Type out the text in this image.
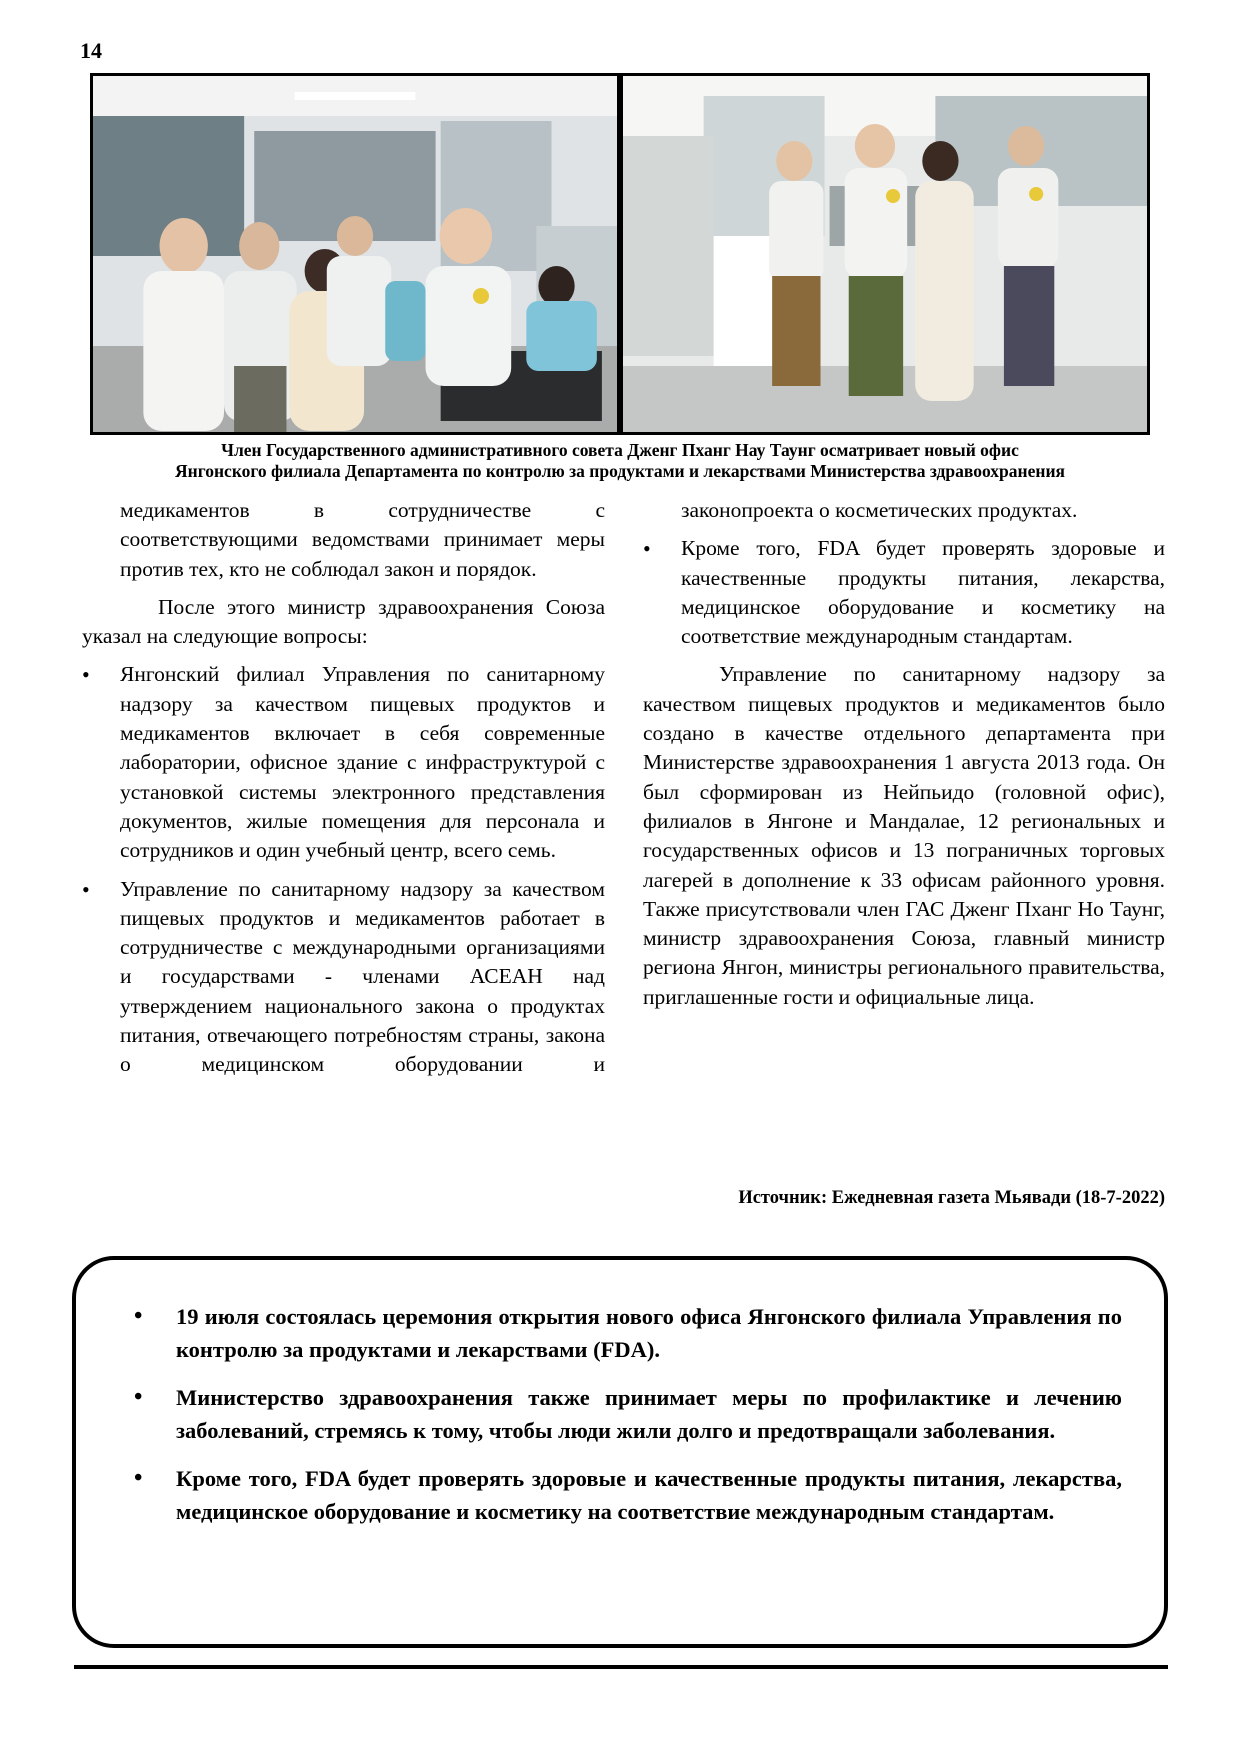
14
Член Государственного административного совета Дженг Пханг Нау Таунг осматривает новый офис
Янгонского филиала Департамента по контролю за продуктами и лекарствами Министерства здравоохранения

медикаментов в сотрудничестве с соответствующими ведомствами принимает меры против тех, кто не соблюдал закон и порядок.

После этого министр здравоохранения Союза указал на следующие вопросы:

• Янгонский филиал Управления по санитарному надзору за качеством пищевых продуктов и медикаментов включает в себя современные лаборатории, офисное здание с инфраструктурой с установкой системы электронного представления документов, жилые помещения для персонала и сотрудников и один учебный центр, всего семь.

• Управление по санитарному надзору за качеством пищевых продуктов и медикаментов работает в сотрудничестве с международными организациями и государствами - членами АСЕАН над утверждением национального закона о продуктах питания, отвечающего потребностям страны, закона о медицинском оборудовании и

законопроекта о косметических продуктах.

• Кроме того, FDA будет проверять здоровые и качественные продукты питания, лекарства, медицинское оборудование и косметику на соответствие международным стандартам.

Управление по санитарному надзору за качеством пищевых продуктов и медикаментов было создано в качестве отдельного департамента при Министерстве здравоохранения 1 августа 2013 года. Он был сформирован из Нейпьидо (головной офис), филиалов в Янгоне и Мандалае, 12 региональных и государственных офисов и 13 пограничных торговых лагерей в дополнение к 33 офисам районного уровня. Также присутствовали член ГАС Дженг Пханг Но Таунг, министр здравоохранения Союза, главный министр региона Янгон, министры регионального правительства, приглашенные гости и официальные лица.

Источник: Ежедневная газета Мьявади (18-7-2022)

• 19 июля состоялась церемония открытия нового офиса Янгонского филиала Управления по контролю за продуктами и лекарствами (FDA).

• Министерство здравоохранения также принимает меры по профилактике и лечению заболеваний, стремясь к тому, чтобы люди жили долго и предотвращали заболевания.

• Кроме того, FDA будет проверять здоровые и качественные продукты питания, лекарства, медицинское оборудование и косметику на соответствие международным стандартам.
